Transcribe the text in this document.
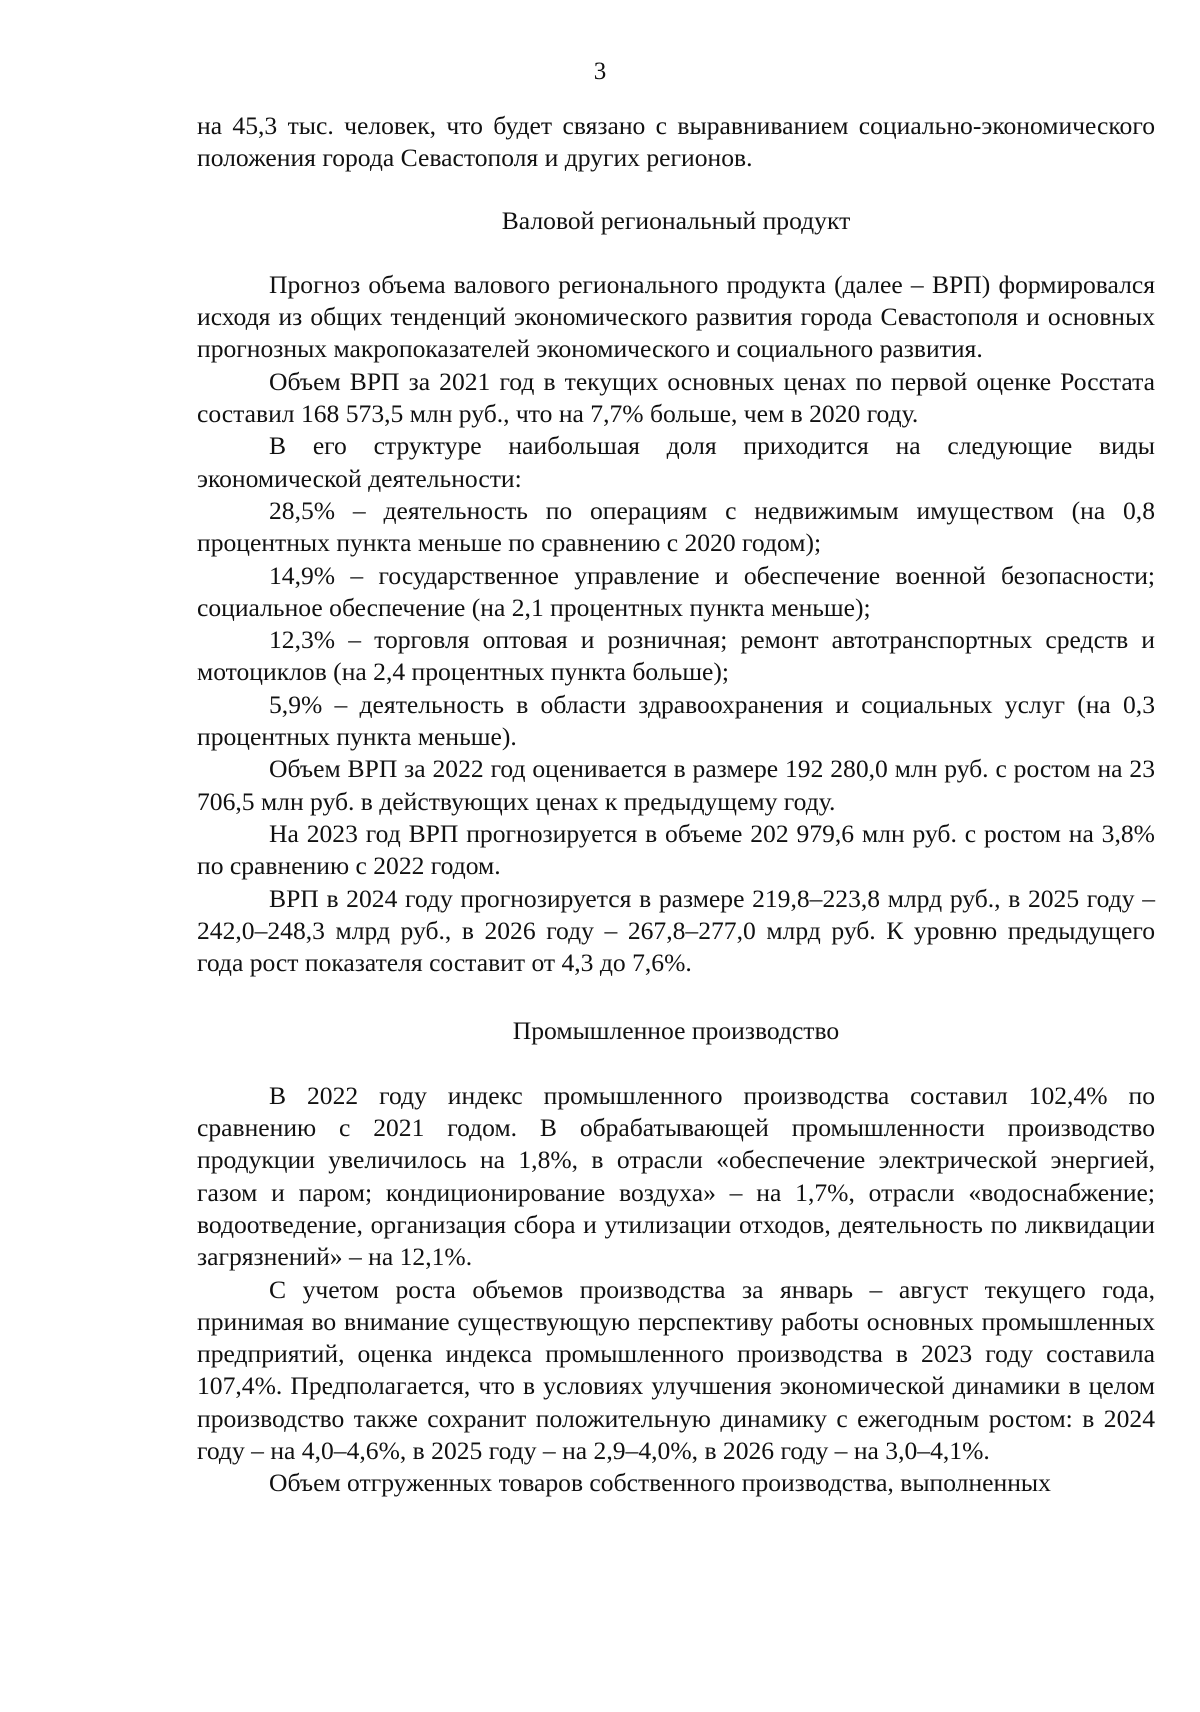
3

на 45,3 тыс. человек, что будет связано с выравниванием социально-экономического положения города Севастополя и других регионов.

Валовой региональный продукт

Прогноз объема валового регионального продукта (далее – ВРП) формировался исходя из общих тенденций экономического развития города Севастополя и основных прогнозных макропоказателей экономического и социального развития.

Объем ВРП за 2021 год в текущих основных ценах по первой оценке Росстата составил 168 573,5 млн руб., что на 7,7% больше, чем в 2020 году.

В его структуре наибольшая доля приходится на следующие виды экономической деятельности:

28,5% – деятельность по операциям с недвижимым имуществом (на 0,8 процентных пункта меньше по сравнению с 2020 годом);

14,9% – государственное управление и обеспечение военной безопасности; социальное обеспечение (на 2,1 процентных пункта меньше);

12,3% – торговля оптовая и розничная; ремонт автотранспортных средств и мотоциклов (на 2,4 процентных пункта больше);

5,9% – деятельность в области здравоохранения и социальных услуг (на 0,3 процентных пункта меньше).

Объем ВРП за 2022 год оценивается в размере 192 280,0 млн руб. с ростом на 23 706,5 млн руб. в действующих ценах к предыдущему году.

На 2023 год ВРП прогнозируется в объеме 202 979,6 млн руб. с ростом на 3,8% по сравнению с 2022 годом.

ВРП в 2024 году прогнозируется в размере 219,8–223,8 млрд руб., в 2025 году – 242,0–248,3 млрд руб., в 2026 году – 267,8–277,0 млрд руб. К уровню предыдущего года рост показателя составит от 4,3 до 7,6%.

Промышленное производство

В 2022 году индекс промышленного производства составил 102,4% по сравнению с 2021 годом. В обрабатывающей промышленности производство продукции увеличилось на 1,8%, в отрасли «обеспечение электрической энергией, газом и паром; кондиционирование воздуха» – на 1,7%, отрасли «водоснабжение; водоотведение, организация сбора и утилизации отходов, деятельность по ликвидации загрязнений» – на 12,1%.

С учетом роста объемов производства за январь – август текущего года, принимая во внимание существующую перспективу работы основных промышленных предприятий, оценка индекса промышленного производства в 2023 году составила 107,4%. Предполагается, что в условиях улучшения экономической динамики в целом производство также сохранит положительную динамику с ежегодным ростом: в 2024 году – на 4,0–4,6%, в 2025 году – на 2,9–4,0%, в 2026 году – на 3,0–4,1%.

Объем отгруженных товаров собственного производства, выполненных
